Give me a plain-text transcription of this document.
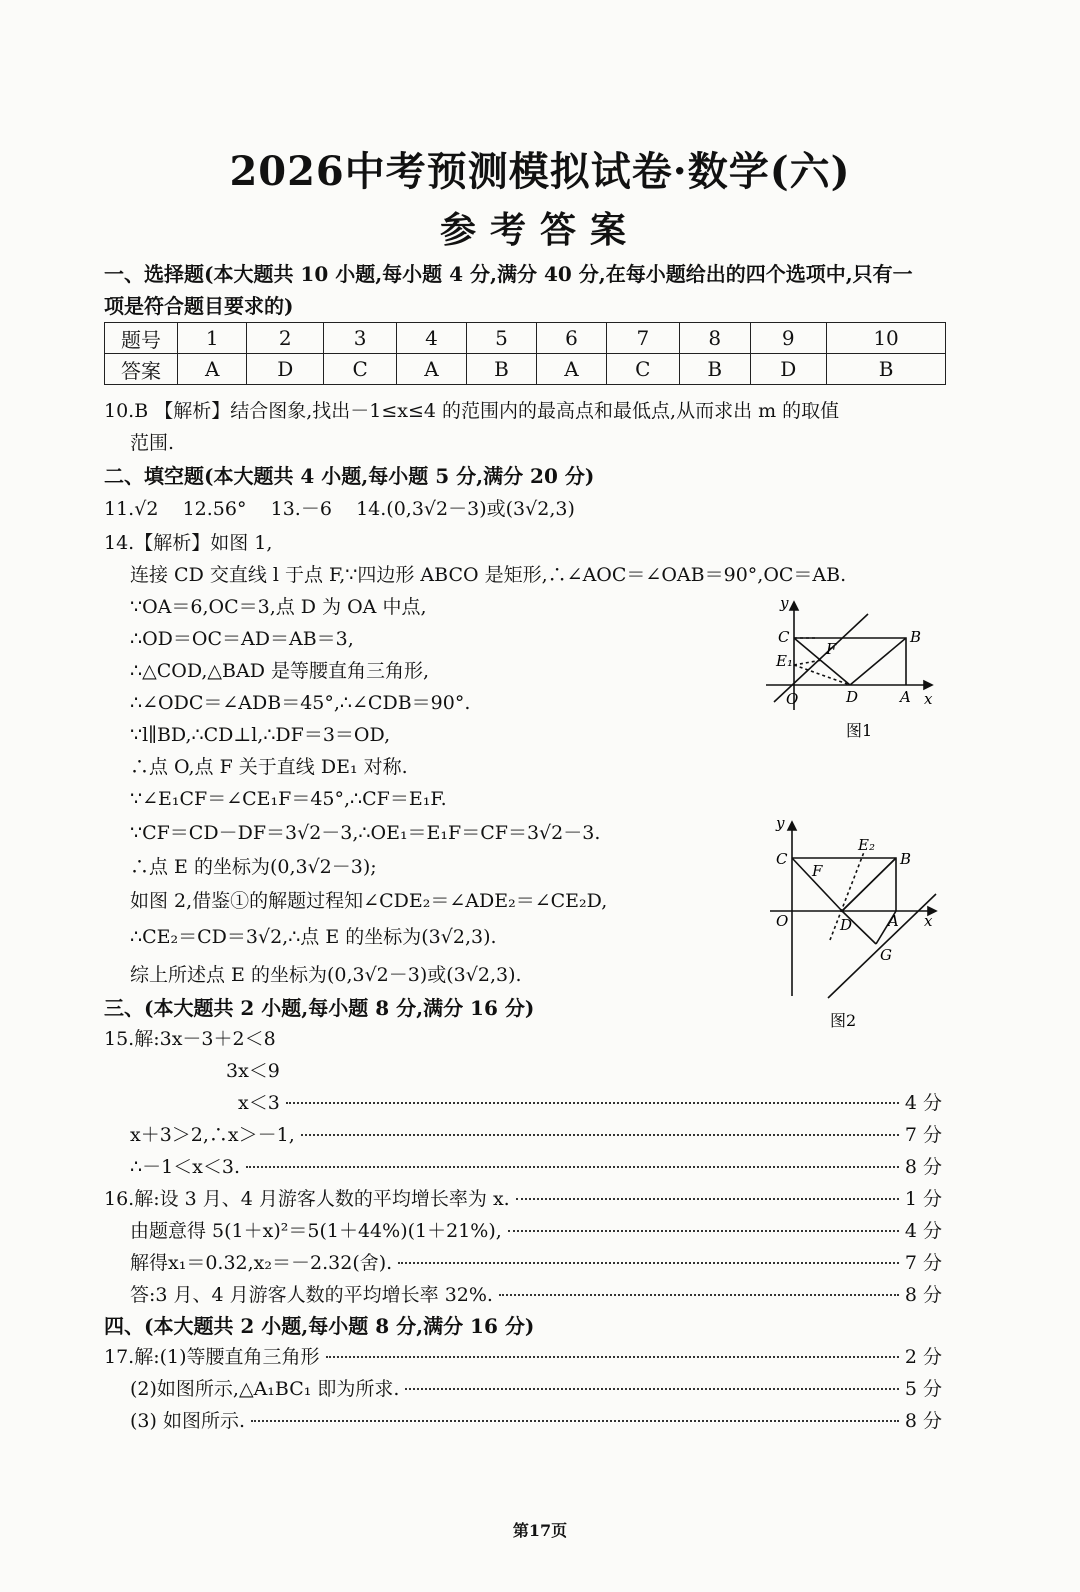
2026中考预测模拟试卷·数学(六)
参考答案
一、选择题(本大题共 10 小题,每小题 4 分,满分 40 分,在每小题给出的四个选项中,只有一
项是符合题目要求的)
题号	1	2	3	4	5	6	7	8	9	10
答案	A	D	C	A	B	A	C	B	D	B
10.B 【解析】结合图象,找出－1≤x≤4 的范围内的最高点和最低点,从而求出 m 的取值
范围.
二、填空题(本大题共 4 小题,每小题 5 分,满分 20 分)
11.√2    12.56°    13.－6    14.(0,3√2－3)或(3√2,3)
14.【解析】如图 1,
连接 CD 交直线 l 于点 F,∵四边形 ABCO 是矩形,∴∠AOC＝∠OAB＝90°,OC＝AB.
∵OA＝6,OC＝3,点 D 为 OA 中点,
∴OD＝OC＝AD＝AB＝3,
∴△COD,△BAD 是等腰直角三角形,
∴∠ODC＝∠ADB＝45°,∴∠CDB＝90°.
∵l∥BD,∴CD⊥l,∴DF＝3＝OD,
∴点 O,点 F 关于直线 DE₁ 对称.
∵∠E₁CF＝∠CE₁F＝45°,∴CF＝E₁F.
∵CF＝CD－DF＝3√2－3,∴OE₁＝E₁F＝CF＝3√2－3.
∴点 E 的坐标为(0,3√2－3);
如图 2,借鉴①的解题过程知∠CDE₂＝∠ADE₂＝∠CE₂D,
∴CE₂＝CD＝3√2,∴点 E 的坐标为(3√2,3).
综上所述点 E 的坐标为(0,3√2－3)或(3√2,3).
y
C
E₁
F
B
O	D	A x
图1
y
E₂
C
F
B
O	D A x
G
图2
三、(本大题共 2 小题,每小题 8 分,满分 16 分)
15.解:3x－3＋2＜8
3x＜9
x＜3	4 分
x＋3＞2,∴x＞－1,	7 分
∴－1＜x＜3.	8 分
16.解:设 3 月、4 月游客人数的平均增长率为 x.	1 分
由题意得 5(1＋x)²＝5(1＋44%)(1＋21%),	4 分
解得x₁＝0.32,x₂＝－2.32(舍).	7 分
答:3 月、4 月游客人数的平均增长率 32%.	8 分
四、(本大题共 2 小题,每小题 8 分,满分 16 分)
17.解:(1)等腰直角三角形	2 分
(2)如图所示,△A₁BC₁ 即为所求.	5 分
(3) 如图所示.	8 分
第17页
